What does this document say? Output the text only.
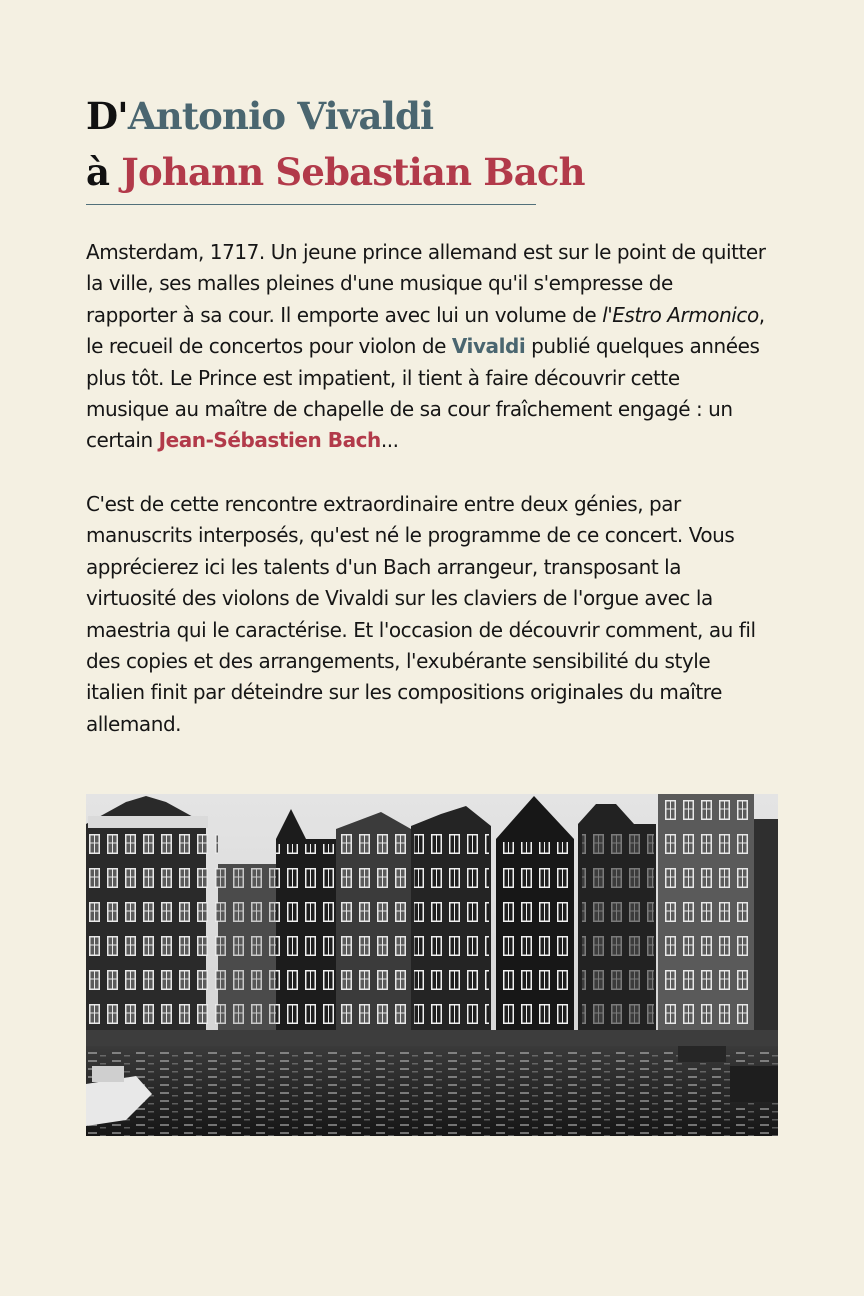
D'Antonio Vivaldi
à Johann Sebastian Bach

Amsterdam, 1717. Un jeune prince allemand est sur le point de quitter la ville, ses malles pleines d'une musique qu'il s'empresse de rapporter à sa cour. Il emporte avec lui un volume de l'Estro Armonico, le recueil de concertos pour violon de Vivaldi publié quelques années plus tôt. Le Prince est impatient, il tient à faire découvrir cette musique au maître de chapelle de sa cour fraîchement engagé : un certain Jean-Sébastien Bach...

C'est de cette rencontre extraordinaire entre deux génies, par manuscrits interposés, qu'est né le programme de ce concert. Vous apprécierez ici les talents d'un Bach arrangeur, transposant la virtuosité des violons de Vivaldi sur les claviers de l'orgue avec la maestria qui le caractérise. Et l'occasion de découvrir comment, au fil des copies et des arrangements, l'exubérante sensibilité du style italien finit par déteindre sur les compositions originales du maître allemand.
